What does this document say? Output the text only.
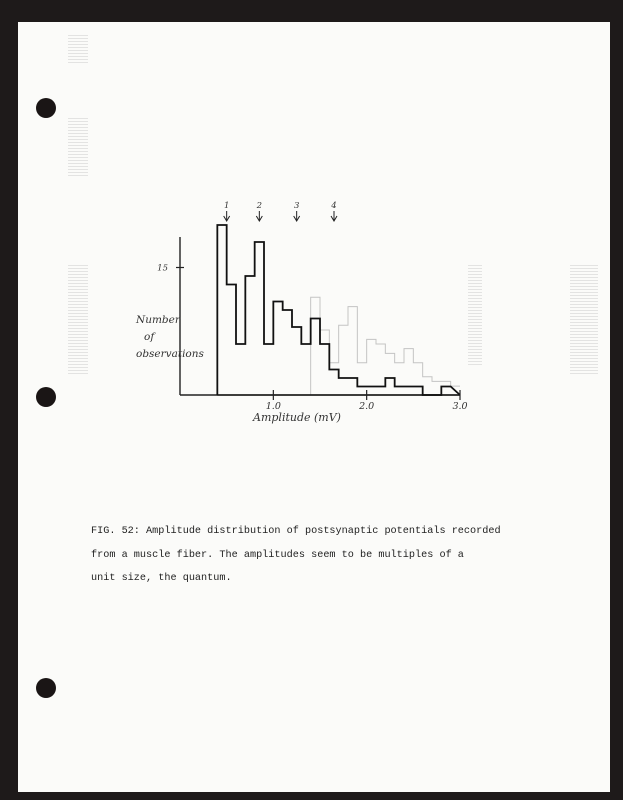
15
1.0	2.0	3.0
1	2	3	4
Number of observations
Amplitude (mV)
FIG. 52: Amplitude distribution of postsynaptic potentials recorded
from a muscle fiber. The amplitudes seem to be multiples of a
unit size, the quantum.
